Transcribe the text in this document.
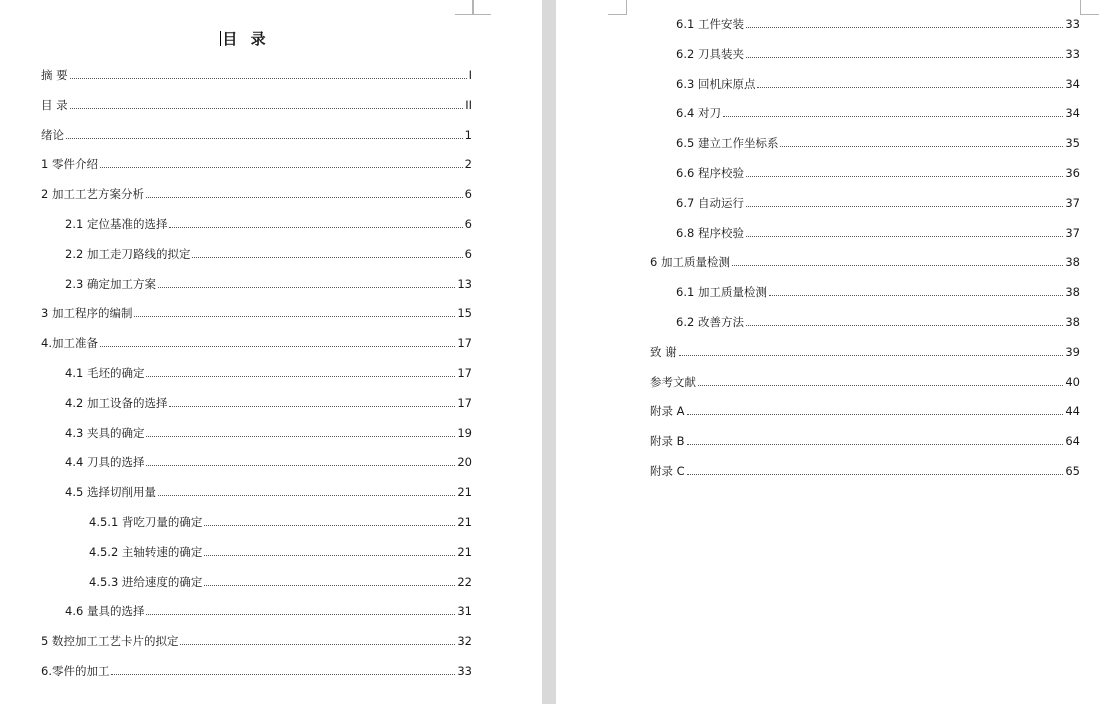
目 录
摘 要	I
目 录	II
绪论	1
1 零件介绍	2
2 加工工艺方案分析	6
2.1 定位基准的选择	6
2.2 加工走刀路线的拟定	6
2.3 确定加工方案	13
3 加工程序的编制	15
4.加工准备	17
4.1 毛坯的确定	17
4.2 加工设备的选择	17
4.3 夹具的确定	19
4.4 刀具的选择	20
4.5 选择切削用量	21
4.5.1 背吃刀量的确定	21
4.5.2 主轴转速的确定	21
4.5.3 进给速度的确定	22
4.6 量具的选择	31
5 数控加工工艺卡片的拟定	32
6.零件的加工	33
6.1 工件安装	33
6.2 刀具装夹	33
6.3 回机床原点	34
6.4 对刀	34
6.5 建立工作坐标系	35
6.6 程序校验	36
6.7 自动运行	37
6.8 程序校验	37
6 加工质量检测	38
6.1 加工质量检测	38
6.2 改善方法	38
致 谢	39
参考文献	40
附录 A	44
附录 B	64
附录 C	65
